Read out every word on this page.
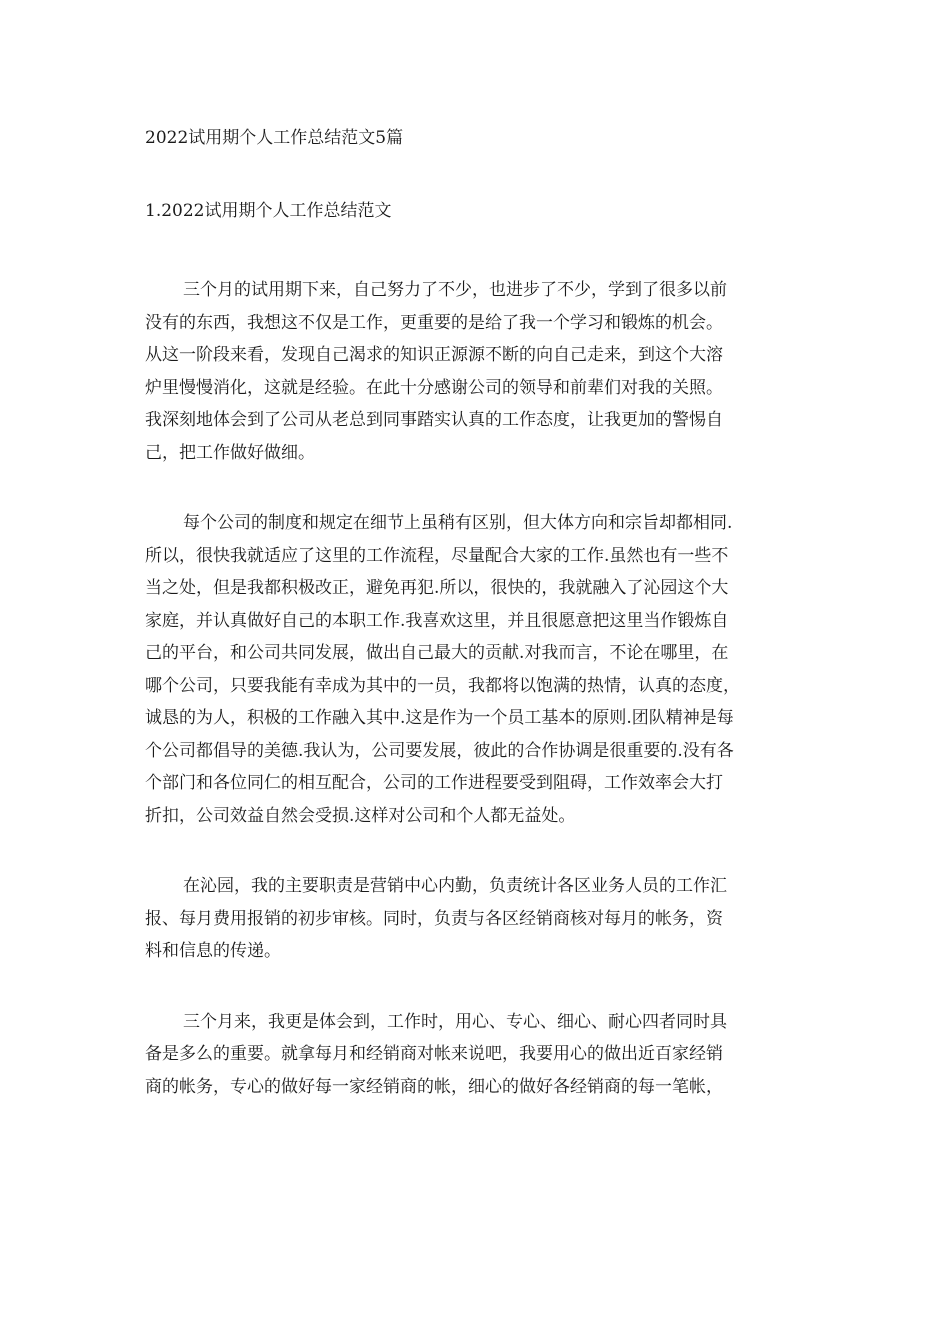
2022试用期个人工作总结范文5篇
1.2022试用期个人工作总结范文
三个月的试用期下来，自己努力了不少，也进步了不少，学到了很多以前
没有的东西，我想这不仅是工作，更重要的是给了我一个学习和锻炼的机会。
从这一阶段来看，发现自己渴求的知识正源源不断的向自己走来，到这个大溶
炉里慢慢消化，这就是经验。在此十分感谢公司的领导和前辈们对我的关照。
我深刻地体会到了公司从老总到同事踏实认真的工作态度，让我更加的警惕自
己，把工作做好做细。
每个公司的制度和规定在细节上虽稍有区别，但大体方向和宗旨却都相同.
所以，很快我就适应了这里的工作流程，尽量配合大家的工作.虽然也有一些不
当之处，但是我都积极改正，避免再犯.所以，很快的，我就融入了沁园这个大
家庭，并认真做好自己的本职工作.我喜欢这里，并且很愿意把这里当作锻炼自
己的平台，和公司共同发展，做出自己最大的贡献.对我而言，不论在哪里，在
哪个公司，只要我能有幸成为其中的一员，我都将以饱满的热情，认真的态度，
诚恳的为人，积极的工作融入其中.这是作为一个员工基本的原则.团队精神是每
个公司都倡导的美德.我认为，公司要发展，彼此的合作协调是很重要的.没有各
个部门和各位同仁的相互配合，公司的工作进程要受到阻碍，工作效率会大打
折扣，公司效益自然会受损.这样对公司和个人都无益处。
在沁园，我的主要职责是营销中心内勤，负责统计各区业务人员的工作汇
报、每月费用报销的初步审核。同时，负责与各区经销商核对每月的帐务，资
料和信息的传递。
三个月来，我更是体会到，工作时，用心、专心、细心、耐心四者同时具
备是多么的重要。就拿每月和经销商对帐来说吧，我要用心的做出近百家经销
商的帐务，专心的做好每一家经销商的帐，细心的做好各经销商的每一笔帐，
